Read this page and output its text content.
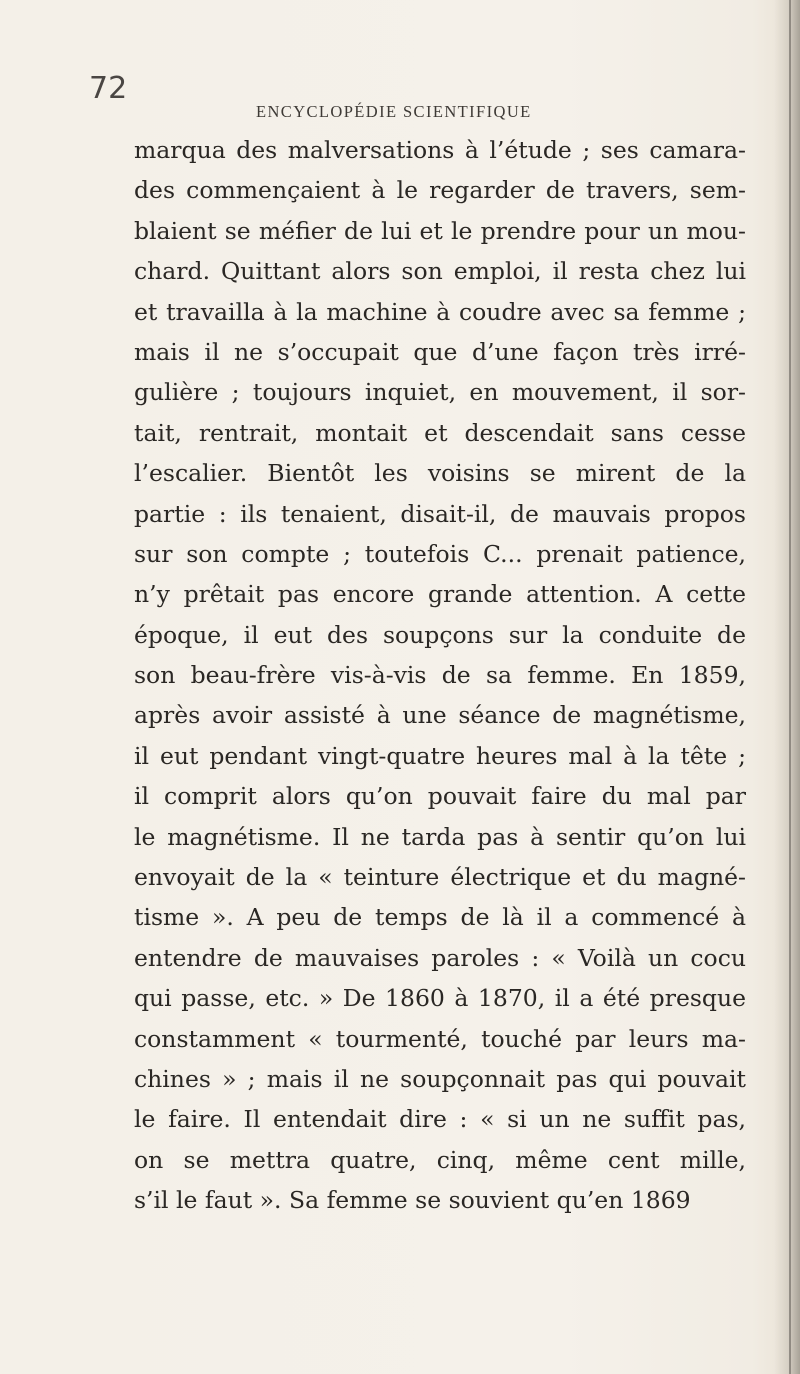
72

ENCYCLOPÉDIE SCIENTIFIQUE

marqua des malversations à l’étude ; ses camara-
des commençaient à le regarder de travers, sem-
blaient se méfier de lui et le prendre pour un mou-
chard. Quittant alors son emploi, il resta chez lui
et travailla à la machine à coudre avec sa femme ;
mais il ne s’occupait que d’une façon très irré-
gulière ; toujours inquiet, en mouvement, il sor-
tait, rentrait, montait et descendait sans cesse
l’escalier. Bientôt les voisins se mirent de la
partie : ils tenaient, disait-il, de mauvais propos
sur son compte ; toutefois C... prenait patience,
n’y prêtait pas encore grande attention. A cette
époque, il eut des soupçons sur la conduite de
son beau-frère vis-à-vis de sa femme. En 1859,
après avoir assisté à une séance de magnétisme,
il eut pendant vingt-quatre heures mal à la tête ;
il comprit alors qu’on pouvait faire du mal par
le magnétisme. Il ne tarda pas à sentir qu’on lui
envoyait de la « teinture électrique et du magné-
tisme ». A peu de temps de là il a commencé à
entendre de mauvaises paroles : « Voilà un cocu
qui passe, etc. » De 1860 à 1870, il a été presque
constamment « tourmenté, touché par leurs ma-
chines » ; mais il ne soupçonnait pas qui pouvait
le faire. Il entendait dire : « si un ne suffit pas,
on se mettra quatre, cinq, même cent mille,
s’il le faut ». Sa femme se souvient qu’en 1869
